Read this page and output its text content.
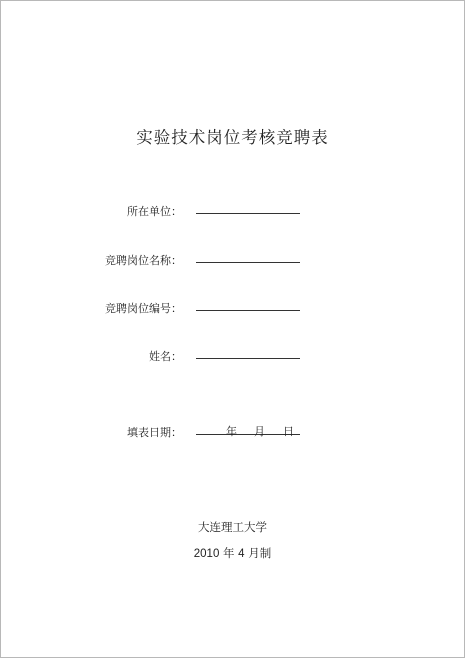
实验技术岗位考核竞聘表
所在单位：
竞聘岗位名称：
竞聘岗位编号：
姓名：
填表日期：	年 月 日
大连理工大学
2010 年 4 月制
